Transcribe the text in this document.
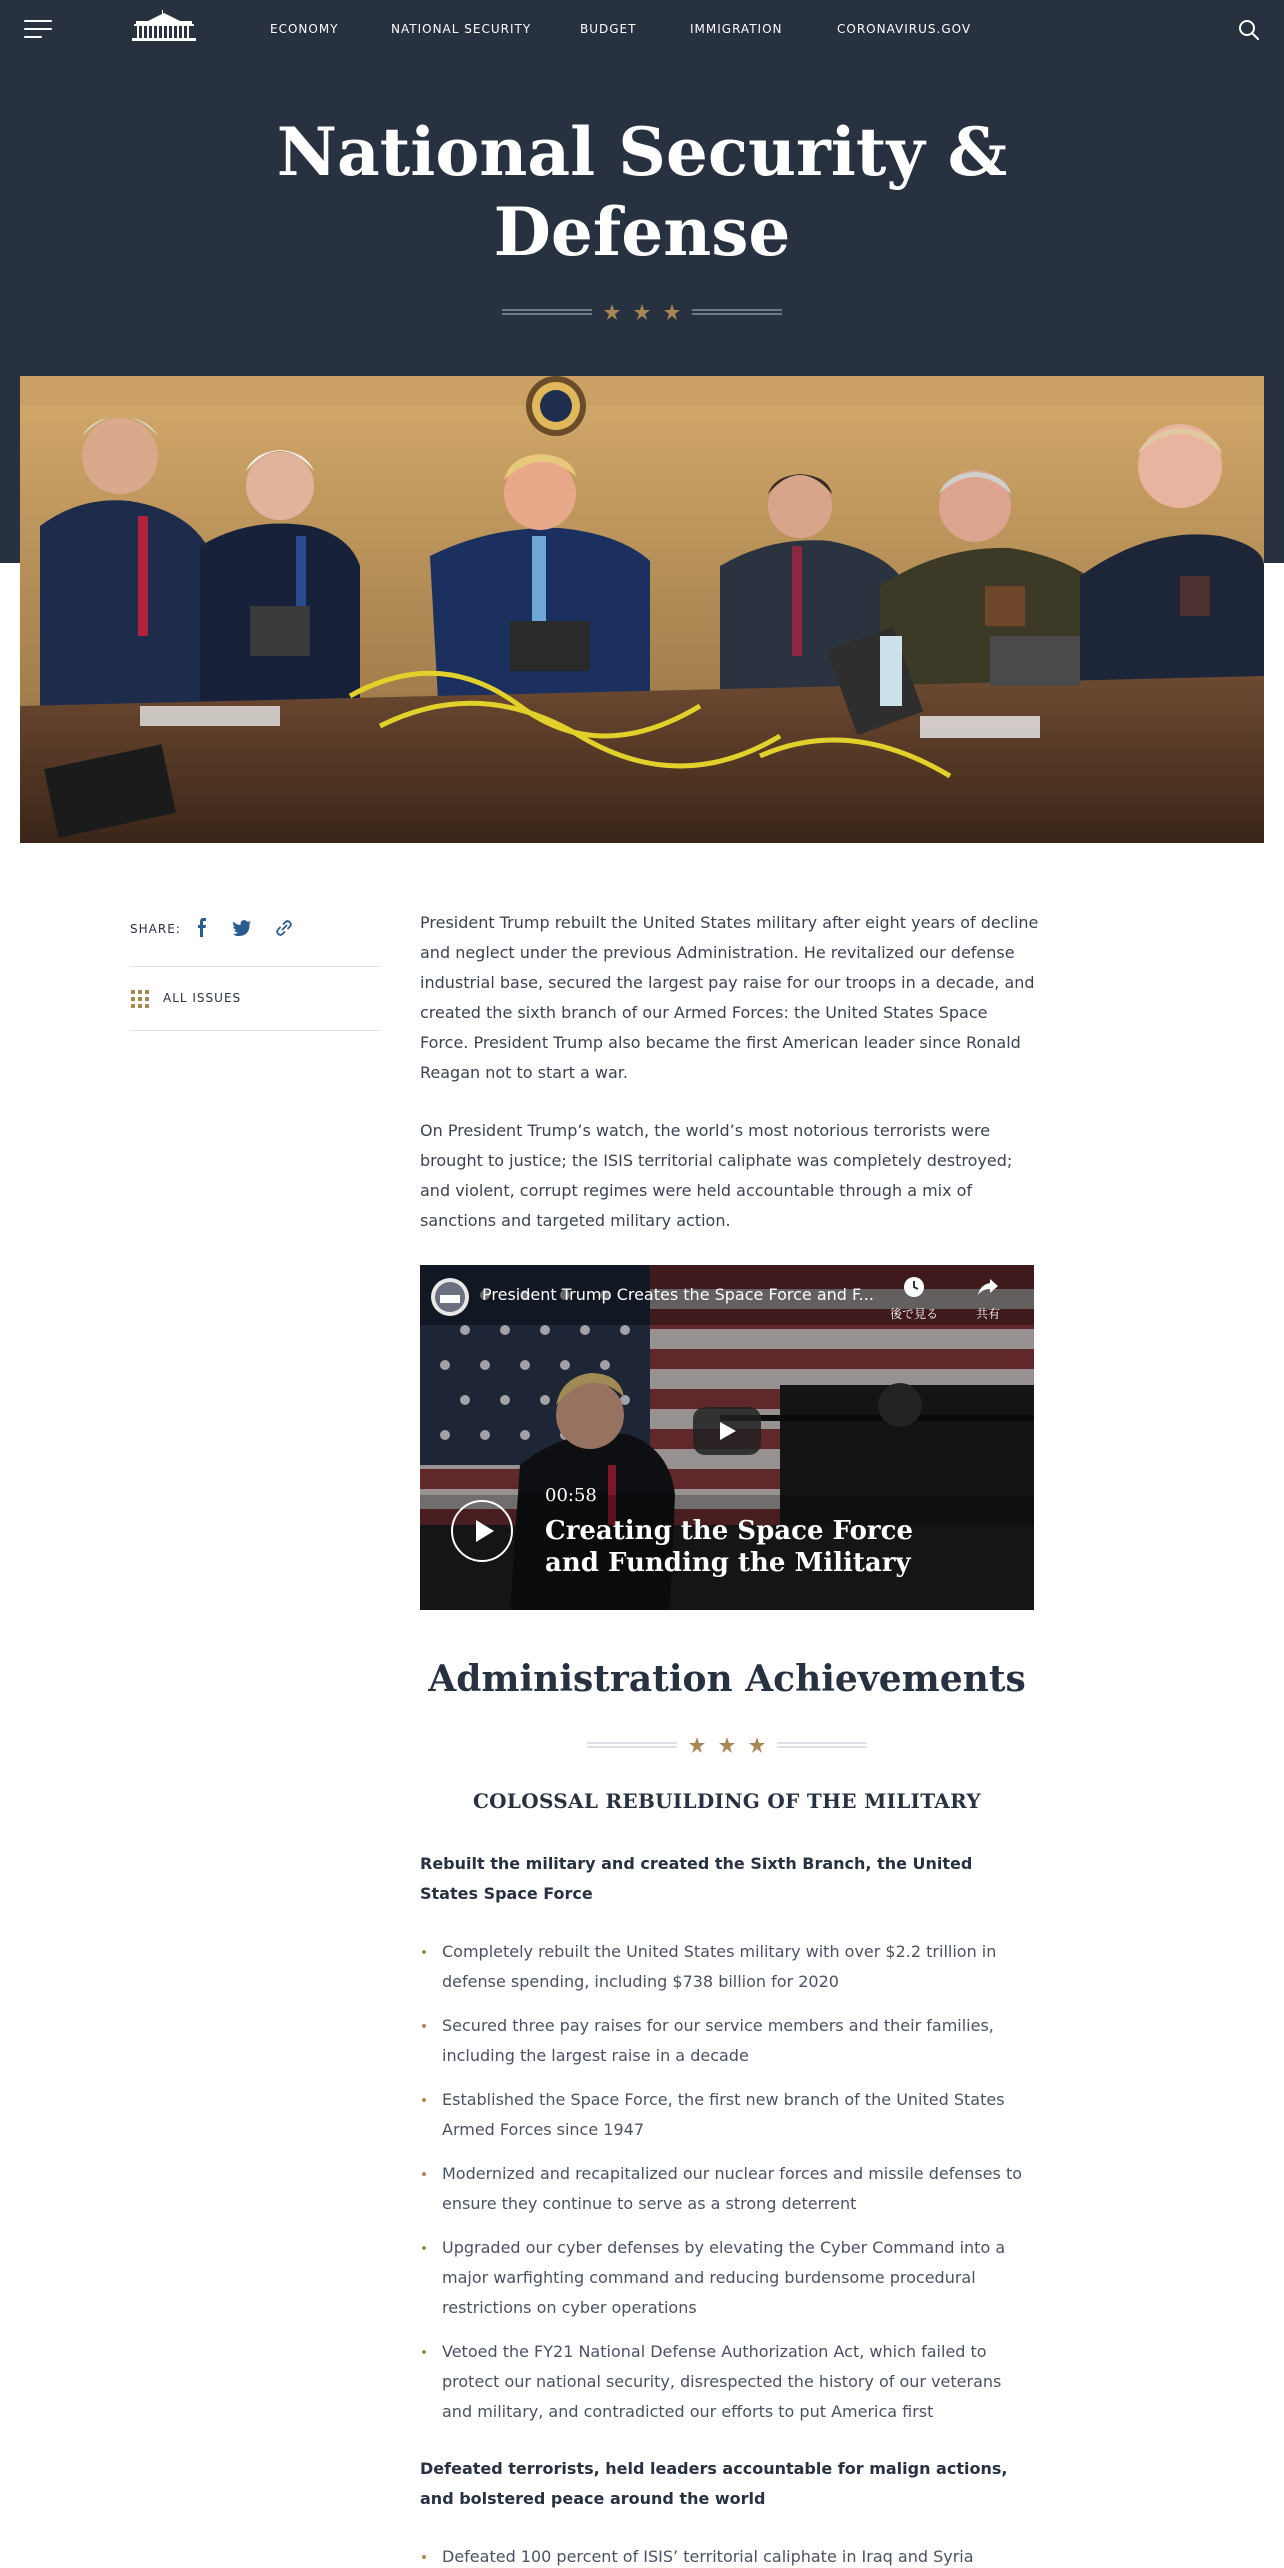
ECONOMY	NATIONAL SECURITY	BUDGET	IMMIGRATION	CORONAVIRUS.GOV
National Security &
Defense
SHARE:
ALL ISSUES

President Trump rebuilt the United States military after eight years of decline and neglect under the previous Administration. He revitalized our defense industrial base, secured the largest pay raise for our troops in a decade, and created the sixth branch of our Armed Forces: the United States Space Force. President Trump also became the first American leader since Ronald Reagan not to start a war.

On President Trump’s watch, the world’s most notorious terrorists were brought to justice; the ISIS territorial caliphate was completely destroyed; and violent, corrupt regimes were held accountable through a mix of sanctions and targeted military action.

President Trump Creates the Space Force and F...
後で見る	共有
00:58
Creating the Space Force and Funding the Military
Administration Achievements
COLOSSAL REBUILDING OF THE MILITARY

Rebuilt the military and created the Sixth Branch, the United States Space Force

Completely rebuilt the United States military with over $2.2 trillion in defense spending, including $738 billion for 2020
Secured three pay raises for our service members and their families, including the largest raise in a decade
Established the Space Force, the first new branch of the United States Armed Forces since 1947
Modernized and recapitalized our nuclear forces and missile defenses to ensure they continue to serve as a strong deterrent
Upgraded our cyber defenses by elevating the Cyber Command into a major warfighting command and reducing burdensome procedural restrictions on cyber operations
Vetoed the FY21 National Defense Authorization Act, which failed to protect our national security, disrespected the history of our veterans and military, and contradicted our efforts to put America first

Defeated terrorists, held leaders accountable for malign actions, and bolstered peace around the world

Defeated 100 percent of ISIS’ territorial caliphate in Iraq and Syria
